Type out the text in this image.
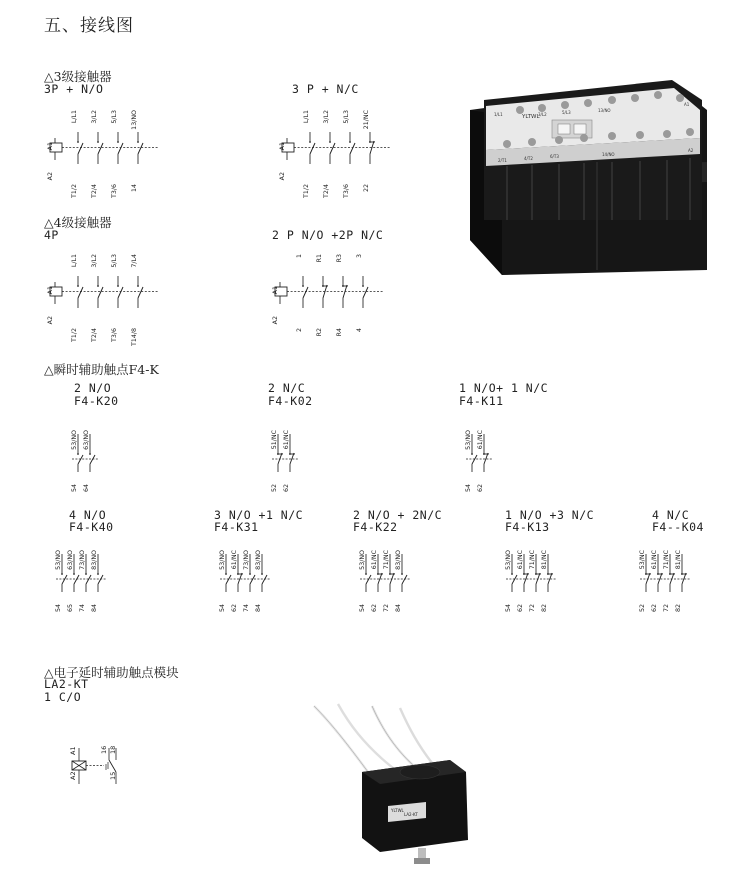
五、接线图
△3级接触器
3P + N/O	3 P + N/C
A1
A2
L/L1
T1/2
3/L2
T2/4
5/L3
T3/6
13/NO
14
A1
A2
L/L1
T1/2
3/L2
T2/4
5/L3
T3/6
21/NC
22
△4级接触器
4P	2 P N/O +2P N/C
A1
A2
L/L1
T1/2
3/L2
T2/4
5/L3
T3/6
7/L4
T14/8
A1
A2
1
2
R1
R2
R3
R4
3
4
△瞬时辅助触点F4-K
2 N/O
F4-K20
2 N/C
F4-K02
1 N/O+ 1 N/C
F4-K11
53/NO
54
63/NO
64
51/NC
52
61/NC
62
53/NO
54
61/NC
62
4 N/O
F4-K40
3 N/O +1 N/C
F4-K31
2 N/O + 2N/C
F4-K22
1 N/O +3 N/C
F4-K13
4 N/C
F4--K04
53/NO
54
63/NO
65
73/NO
74
83/NO
84
53/NO
54
61/NC
62
73/NO
74
83/NO
84
53/NO
54
61/NC
62
71/NC
72
83/NO
84
53/NO
54
61/NC
62
71/NC
72
81/NC
82
53/NC
52
61/NC
62
71/NC
72
81/NC
82
△电子延时辅助触点模块
LA2-KT
1 C/O
A1
A2
16 18
15
YLTWL
1/L1	3/L2	5/L3	13/NO
A1
2/T1	4/T2	6/T3	14/NO
A2
YLTWL
LA2-KT
